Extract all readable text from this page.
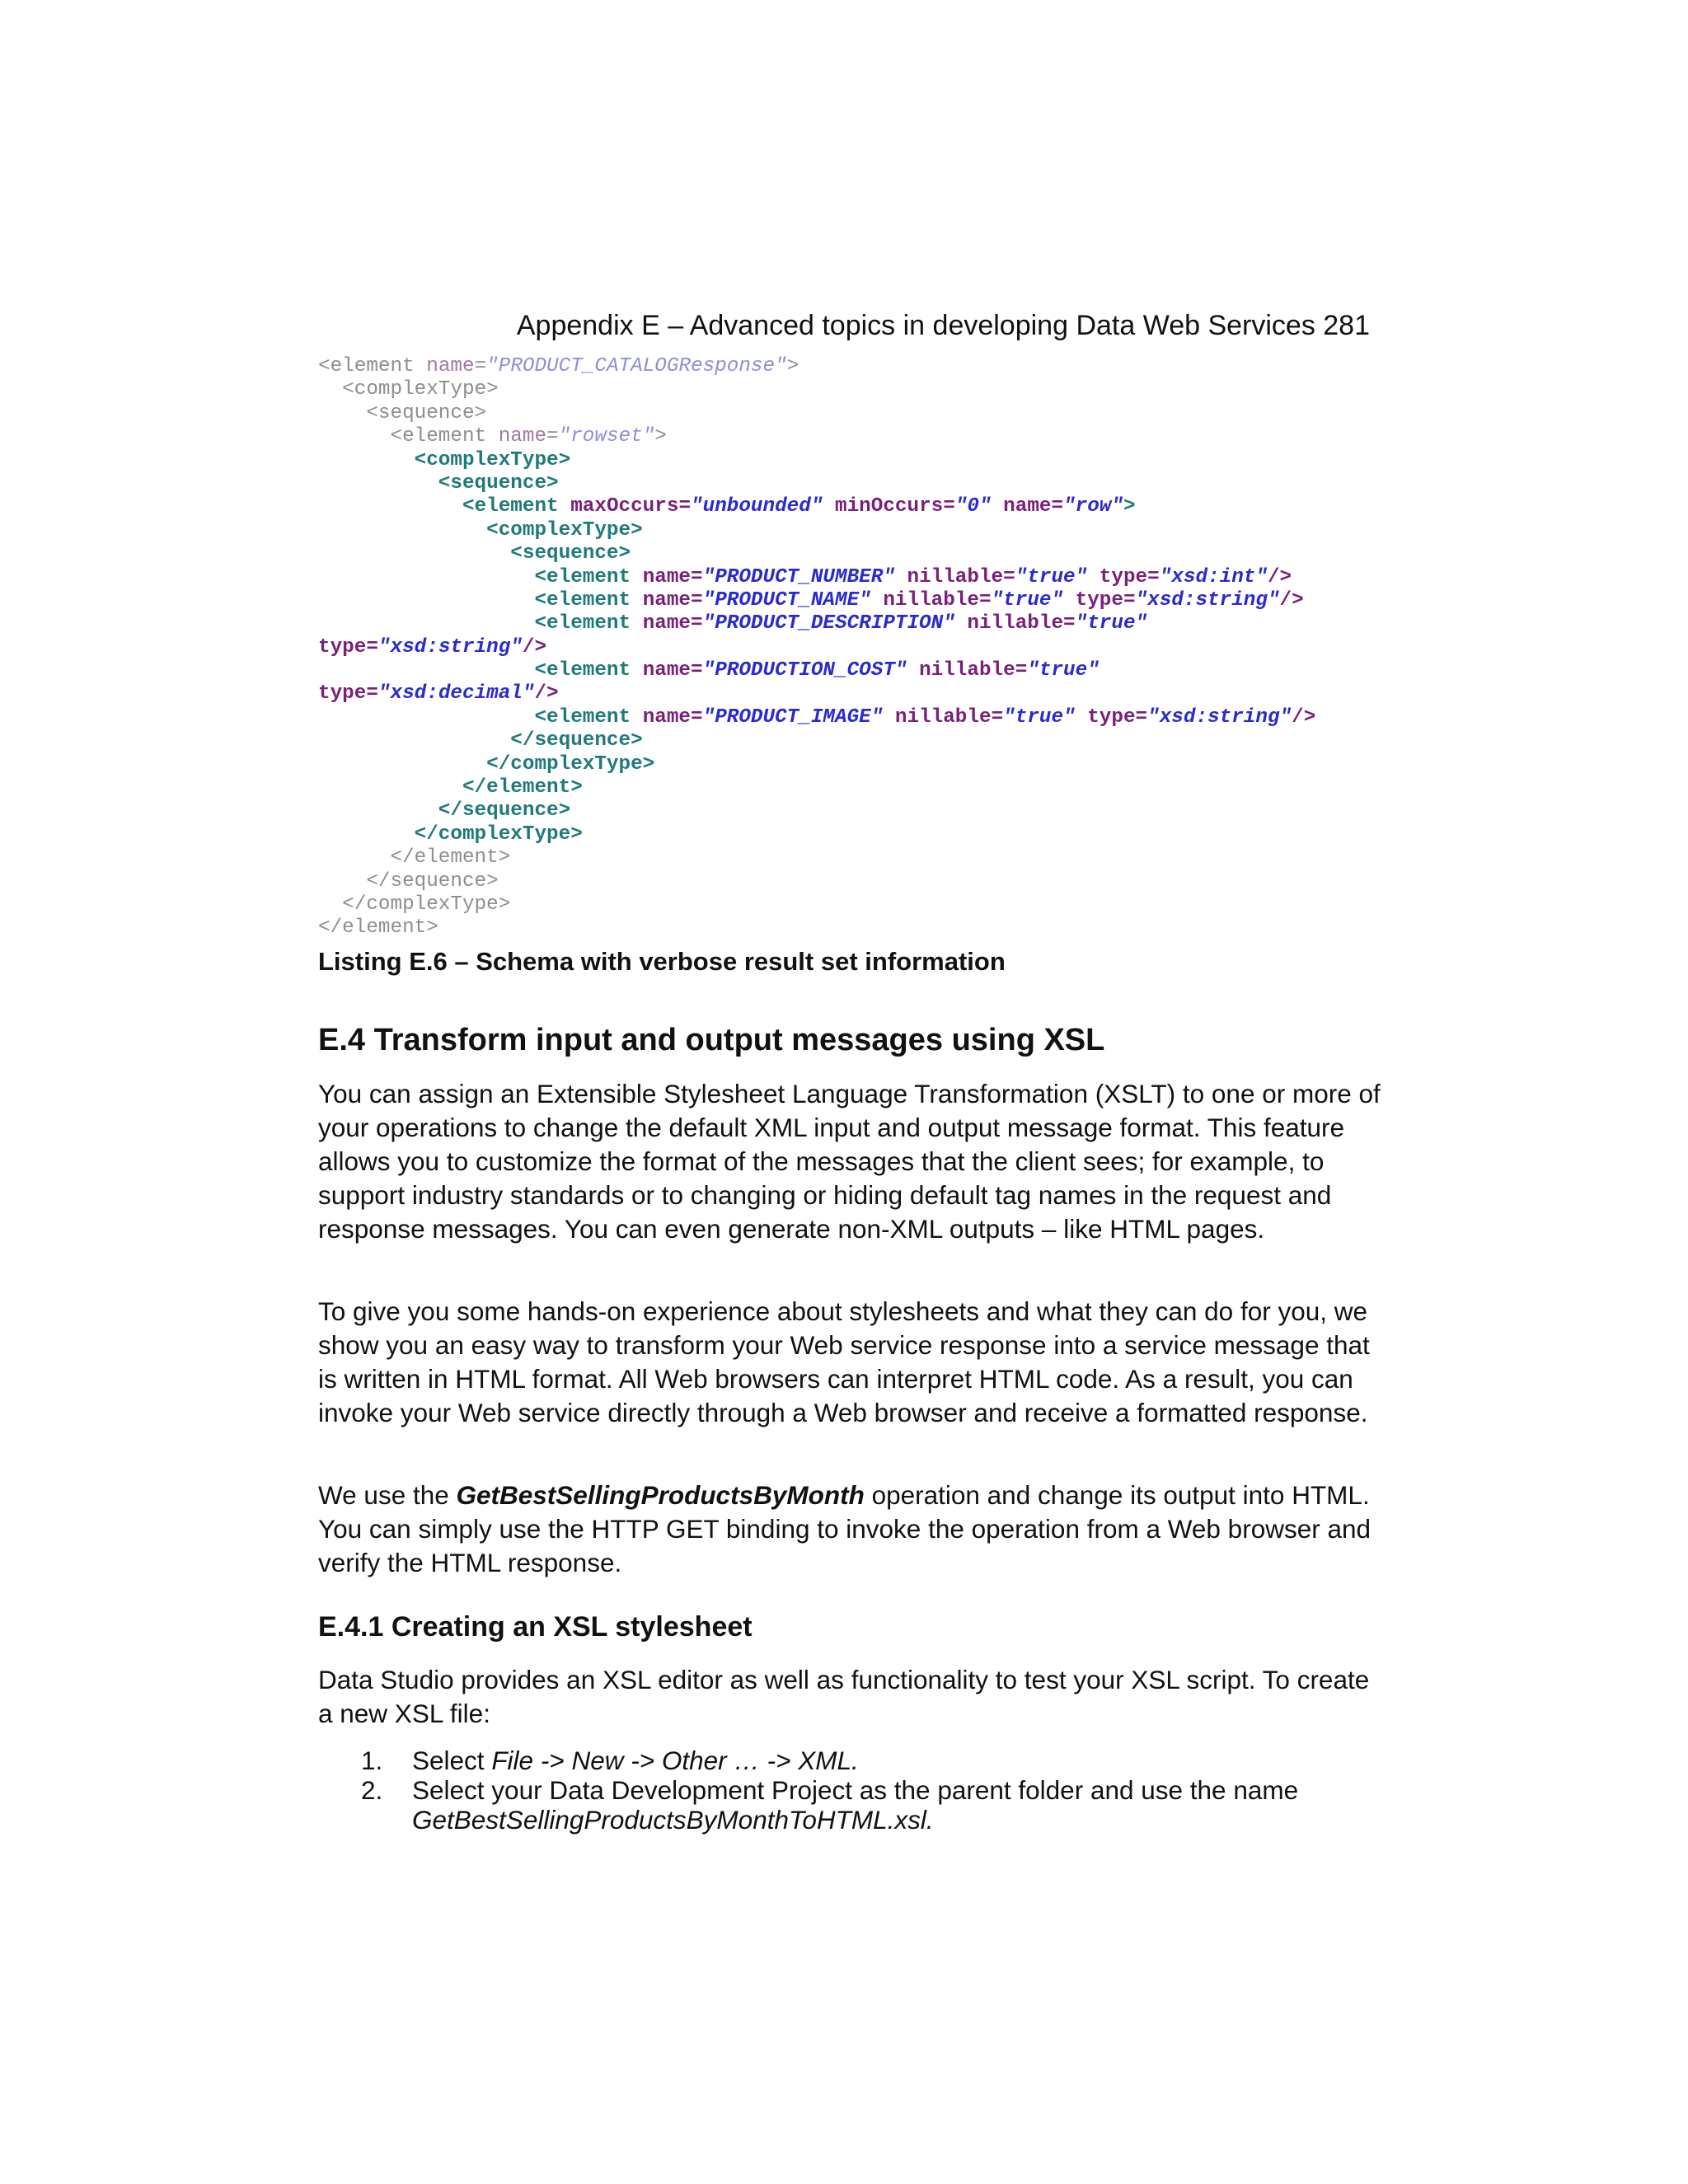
Appendix E – Advanced topics in developing Data Web Services 281
<element name="PRODUCT_CATALOGResponse">
<complexType>
<sequence>
<element name="rowset">
<complexType>
<sequence>
<element maxOccurs="unbounded" minOccurs="0" name="row">
<complexType>
<sequence>
<element name="PRODUCT_NUMBER" nillable="true" type="xsd:int"/>
<element name="PRODUCT_NAME" nillable="true" type="xsd:string"/>
<element name="PRODUCT_DESCRIPTION" nillable="true"
type="xsd:string"/>
<element name="PRODUCTION_COST" nillable="true"
type="xsd:decimal"/>
<element name="PRODUCT_IMAGE" nillable="true" type="xsd:string"/>
</sequence>
</complexType>
</element>
</sequence>
</complexType>
</element>
</sequence>
</complexType>
</element>
Listing E.6 – Schema with verbose result set information
E.4 Transform input and output messages using XSL

You can assign an Extensible Stylesheet Language Transformation (XSLT) to one or more of your operations to change the default XML input and output message format. This feature allows you to customize the format of the messages that the client sees; for example, to support industry standards or to changing or hiding default tag names in the request and response messages. You can even generate non-XML outputs – like HTML pages.

To give you some hands-on experience about stylesheets and what they can do for you, we show you an easy way to transform your Web service response into a service message that is written in HTML format. All Web browsers can interpret HTML code. As a result, you can invoke your Web service directly through a Web browser and receive a formatted response.

We use the GetBestSellingProductsByMonth operation and change its output into HTML. You can simply use the HTTP GET binding to invoke the operation from a Web browser and verify the HTML response.

E.4.1 Creating an XSL stylesheet

Data Studio provides an XSL editor as well as functionality to test your XSL script. To create a new XSL file:

1. Select File -> New -> Other … -> XML.
2. Select your Data Development Project as the parent folder and use the name GetBestSellingProductsByMonthToHTML.xsl.
